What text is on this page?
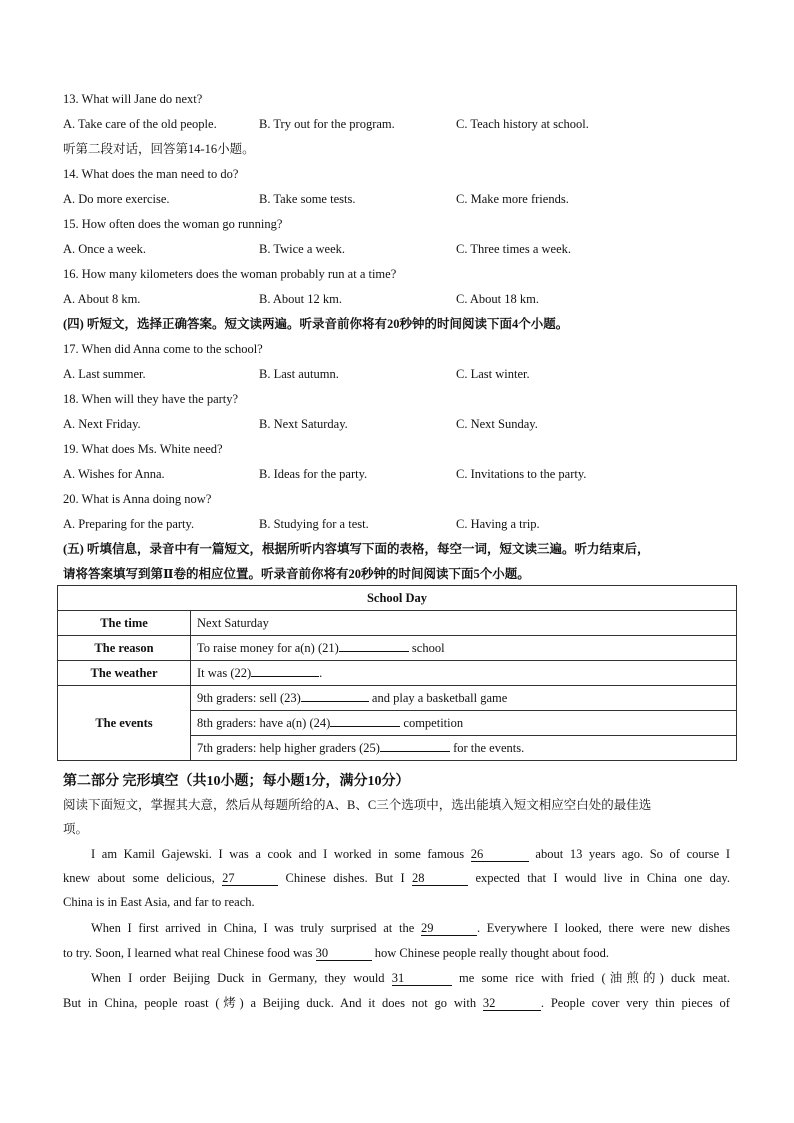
13. What will Jane do next?
A. Take care of the old people.	B. Try out for the program.	C. Teach history at school.
听第二段对话，回答第14-16小题。
14. What does the man need to do?
A. Do more exercise.	B. Take some tests.	C. Make more friends.
15. How often does the woman go running?
A. Once a week.	B. Twice a week.	C. Three times a week.
16. How many kilometers does the woman probably run at a time?
A. About 8 km.	B. About 12 km.	C. About 18 km.
(四) 听短文，选择正确答案。短文读两遍。听录音前你将有20秒钟的时间阅读下面4个小题。
17. When did Anna come to the school?
A. Last summer.	B. Last autumn.	C. Last winter.
18. When will they have the party?
A. Next Friday.	B. Next Saturday.	C. Next Sunday.
19. What does Ms. White need?
A. Wishes for Anna.	B. Ideas for the party.	C. Invitations to the party.
20. What is Anna doing now?
A. Preparing for the party.	B. Studying for a test.	C. Having a trip.
(五) 听填信息，录音中有一篇短文，根据所听内容填写下面的表格，每空一词，短文读三遍。听力结束后，
请将答案填写到第Ⅱ卷的相应位置。听录音前你将有20秒钟的时间阅读下面5个小题。
School Day	
The time	Next Saturday
The reason	To raise money for a(n) (21) school
The weather	It was (22) .
The events	9th graders: sell (23) and play a basketball game
	8th graders: have a(n) (24) competition
	7th graders: help higher graders (25) for the events.
第二部分 完形填空（共10小题；每小题1分，满分10分）
阅读下面短文，掌握其大意，然后从每题所给的A、B、C三个选项中，选出能填入短文相应空白处的最佳选
项。
I am Kamil Gajewski. I was a cook and I worked in some famous 26	about 13 years ago. So of course I
knew about some delicious, 27	Chinese dishes. But I 28	expected that I would live in China one day.
China is in East Asia, and far to reach.
When I first arrived in China, I was truly surprised at the 29	. Everywhere I looked, there were new dishes
to try. Soon, I learned what real Chinese food was 30	how Chinese people really thought about food.
When I order Beijing Duck in Germany, they would 31	me some rice with fried (油煎的) duck meat.
But in China, people roast (烤) a Beijing duck. And it does not go with 32	. People cover very thin pieces of
